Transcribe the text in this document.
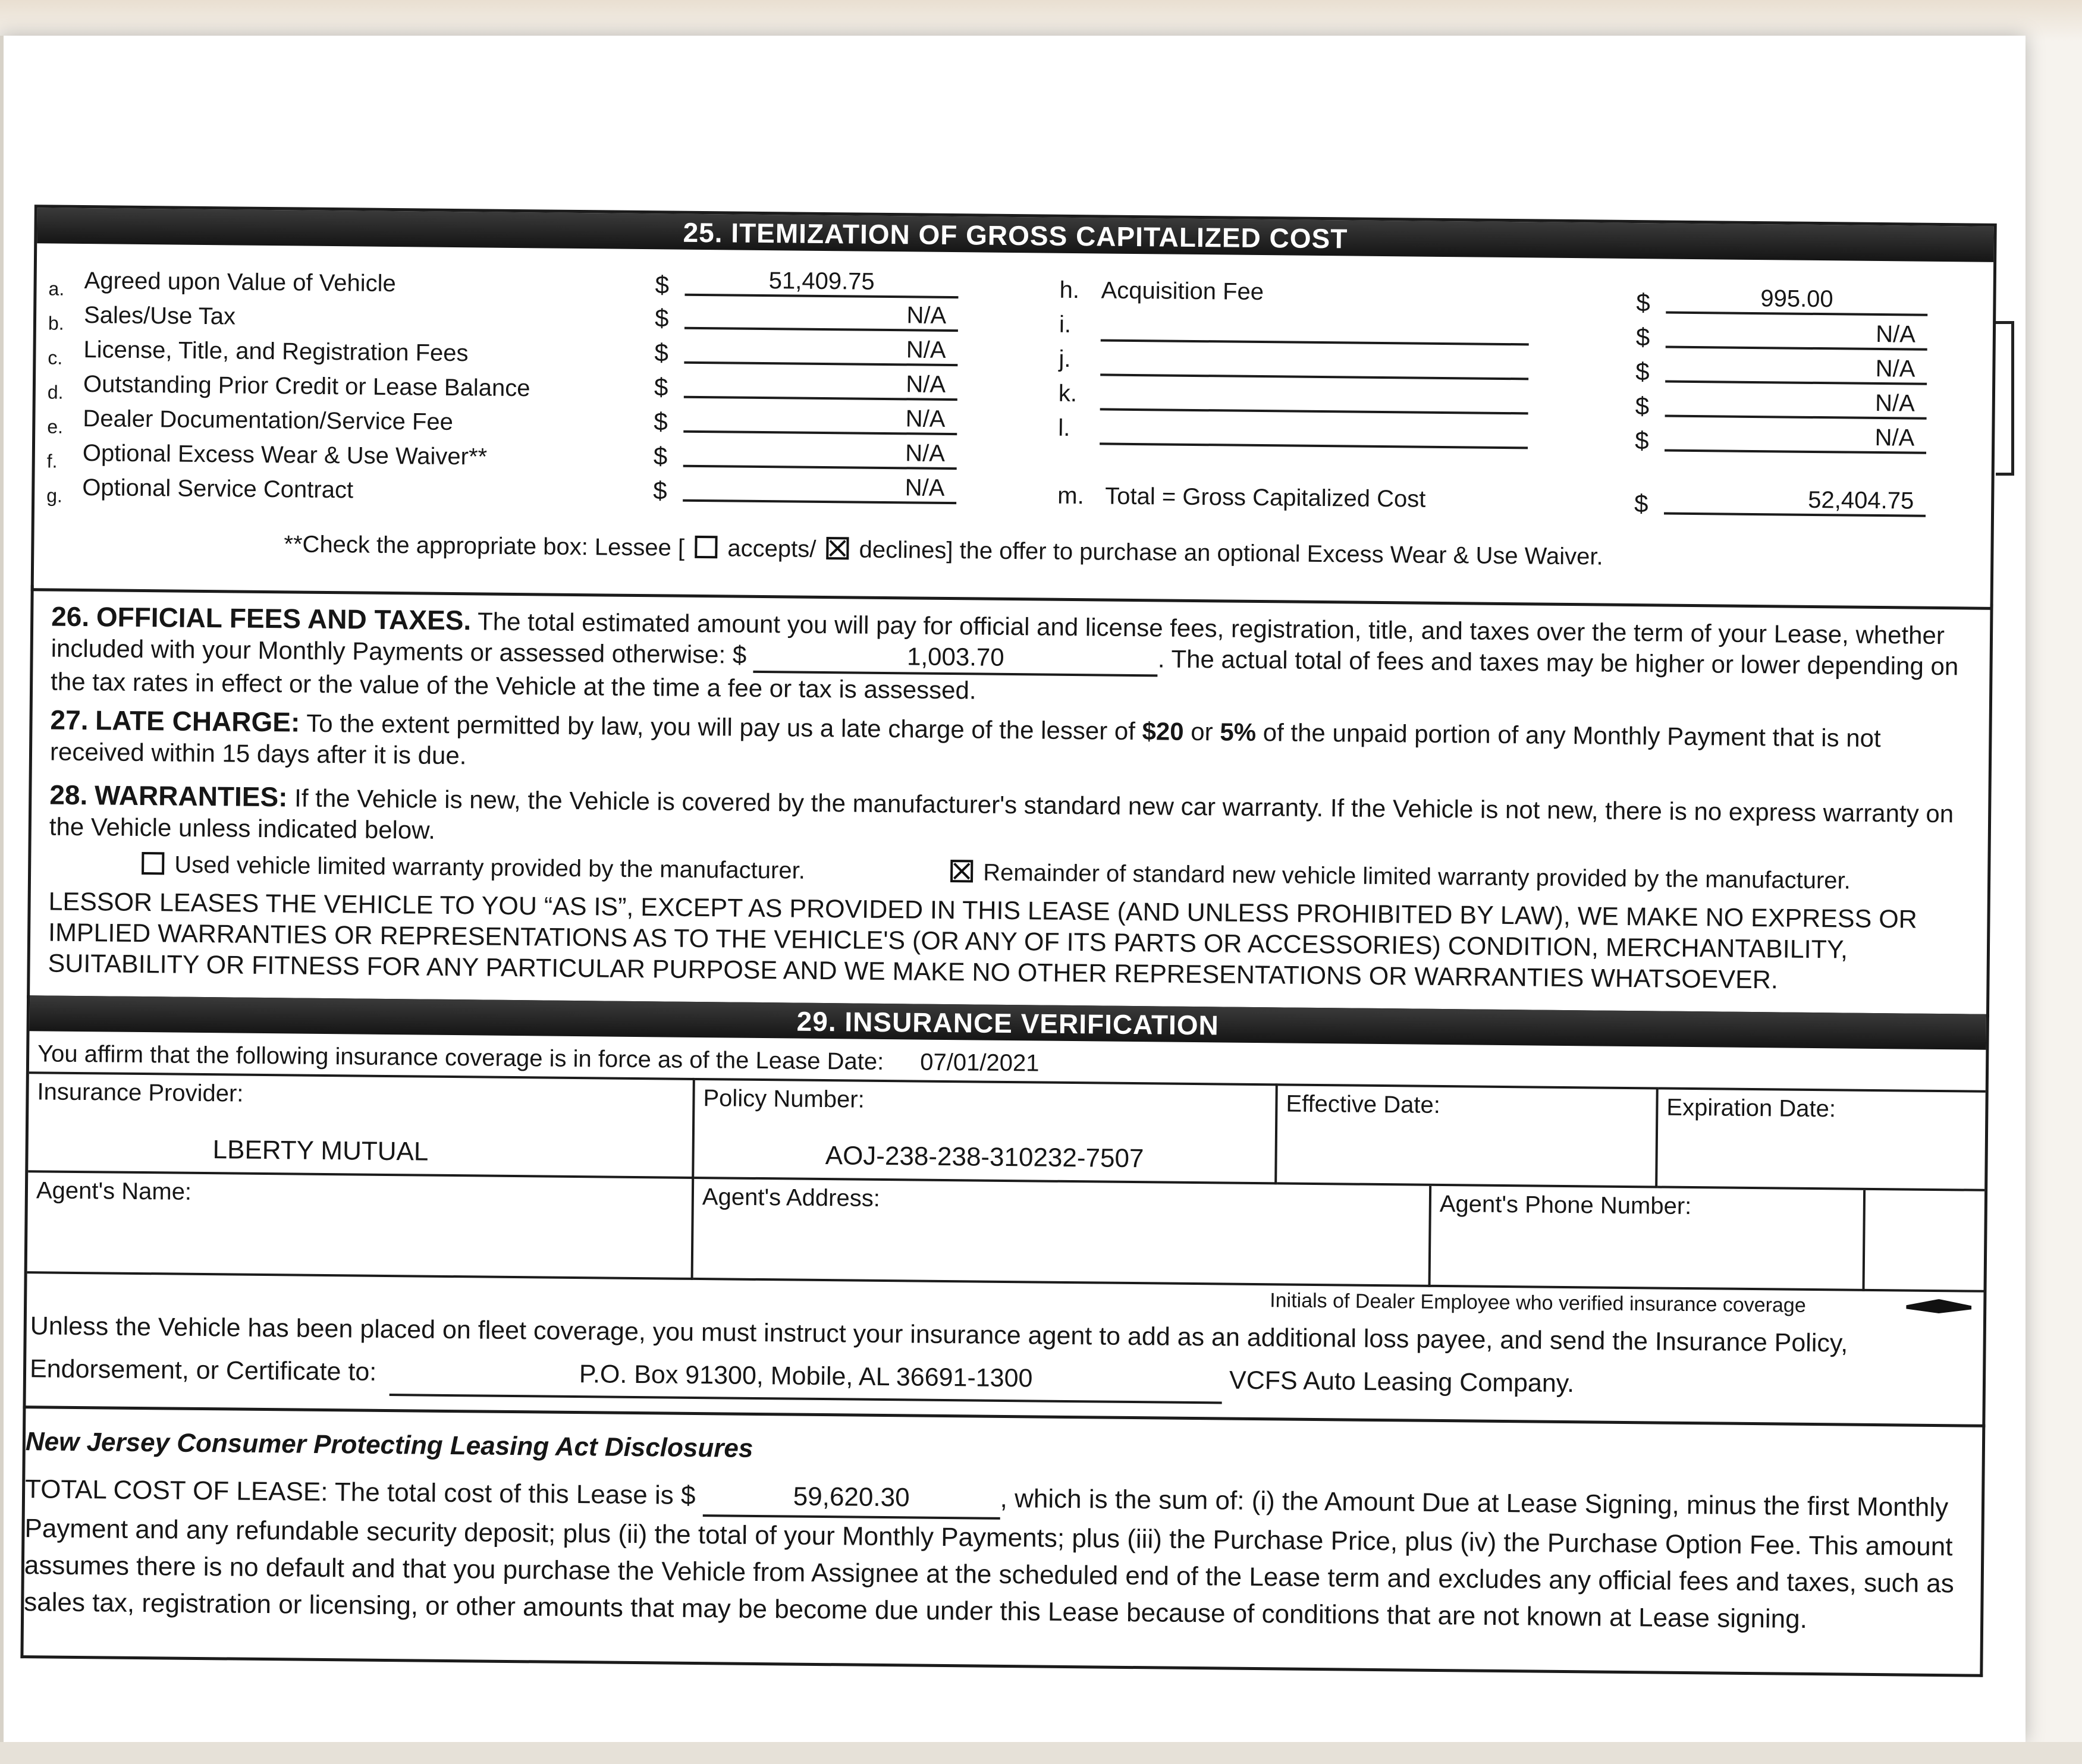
25. ITEMIZATION OF GROSS CAPITALIZED COST
a. Agreed upon Value of Vehicle	$	51,409.75
b. Sales/Use Tax	$	N/A
c. License, Title, and Registration Fees	$	N/A
d. Outstanding Prior Credit or Lease Balance	$	N/A
e. Dealer Documentation/Service Fee	$	N/A
f. Optional Excess Wear & Use Waiver**	$	N/A
g. Optional Service Contract	$	N/A
h. Acquisition Fee	$	995.00
i.	$	N/A
j.	$	N/A
k.	$	N/A
l.	$	N/A
m. Total = Gross Capitalized Cost	$	52,404.75
**Check the appropriate box: Lessee [ accepts/ declines] the offer to purchase an optional Excess Wear & Use Waiver.
26. OFFICIAL FEES AND TAXES. The total estimated amount you will pay for official and license fees, registration, title, and taxes over the term of your Lease, whether included with your Monthly Payments or assessed otherwise: $	1,003.70	. The actual total of fees and taxes may be higher or lower depending on the tax rates in effect or the value of the Vehicle at the time a fee or tax is assessed.
27. LATE CHARGE: To the extent permitted by law, you will pay us a late charge of the lesser of $20 or 5% of the unpaid portion of any Monthly Payment that is not received within 15 days after it is due.
28. WARRANTIES: If the Vehicle is new, the Vehicle is covered by the manufacturer's standard new car warranty. If the Vehicle is not new, there is no express warranty on the Vehicle unless indicated below.
Used vehicle limited warranty provided by the manufacturer.	Remainder of standard new vehicle limited warranty provided by the manufacturer.
LESSOR LEASES THE VEHICLE TO YOU “AS IS”, EXCEPT AS PROVIDED IN THIS LEASE (AND UNLESS PROHIBITED BY LAW), WE MAKE NO EXPRESS OR IMPLIED WARRANTIES OR REPRESENTATIONS AS TO THE VEHICLE'S (OR ANY OF ITS PARTS OR ACCESSORIES) CONDITION, MERCHANTABILITY, SUITABILITY OR FITNESS FOR ANY PARTICULAR PURPOSE AND WE MAKE NO OTHER REPRESENTATIONS OR WARRANTIES WHATSOEVER.
29. INSURANCE VERIFICATION
You affirm that the following insurance coverage is in force as of the Lease Date: 07/01/2021
Insurance Provider:
LBERTY MUTUAL
Policy Number:
AOJ-238-238-310232-7507
Effective Date:	Expiration Date:
Agent's Name:	Agent's Address:	Agent's Phone Number:
Initials of Dealer Employee who verified insurance coverage
Unless the Vehicle has been placed on fleet coverage, you must instruct your insurance agent to add as an additional loss payee, and send the Insurance Policy, Endorsement, or Certificate to:	P.O. Box 91300, Mobile, AL 36691-1300	VCFS Auto Leasing Company.
New Jersey Consumer Protecting Leasing Act Disclosures
TOTAL COST OF LEASE: The total cost of this Lease is $	59,620.30	, which is the sum of: (i) the Amount Due at Lease Signing, minus the first Monthly Payment and any refundable security deposit; plus (ii) the total of your Monthly Payments; plus (iii) the Purchase Price, plus (iv) the Purchase Option Fee. This amount assumes there is no default and that you purchase the Vehicle from Assignee at the scheduled end of the Lease term and excludes any official fees and taxes, such as sales tax, registration or licensing, or other amounts that may be become due under this Lease because of conditions that are not known at Lease signing.
